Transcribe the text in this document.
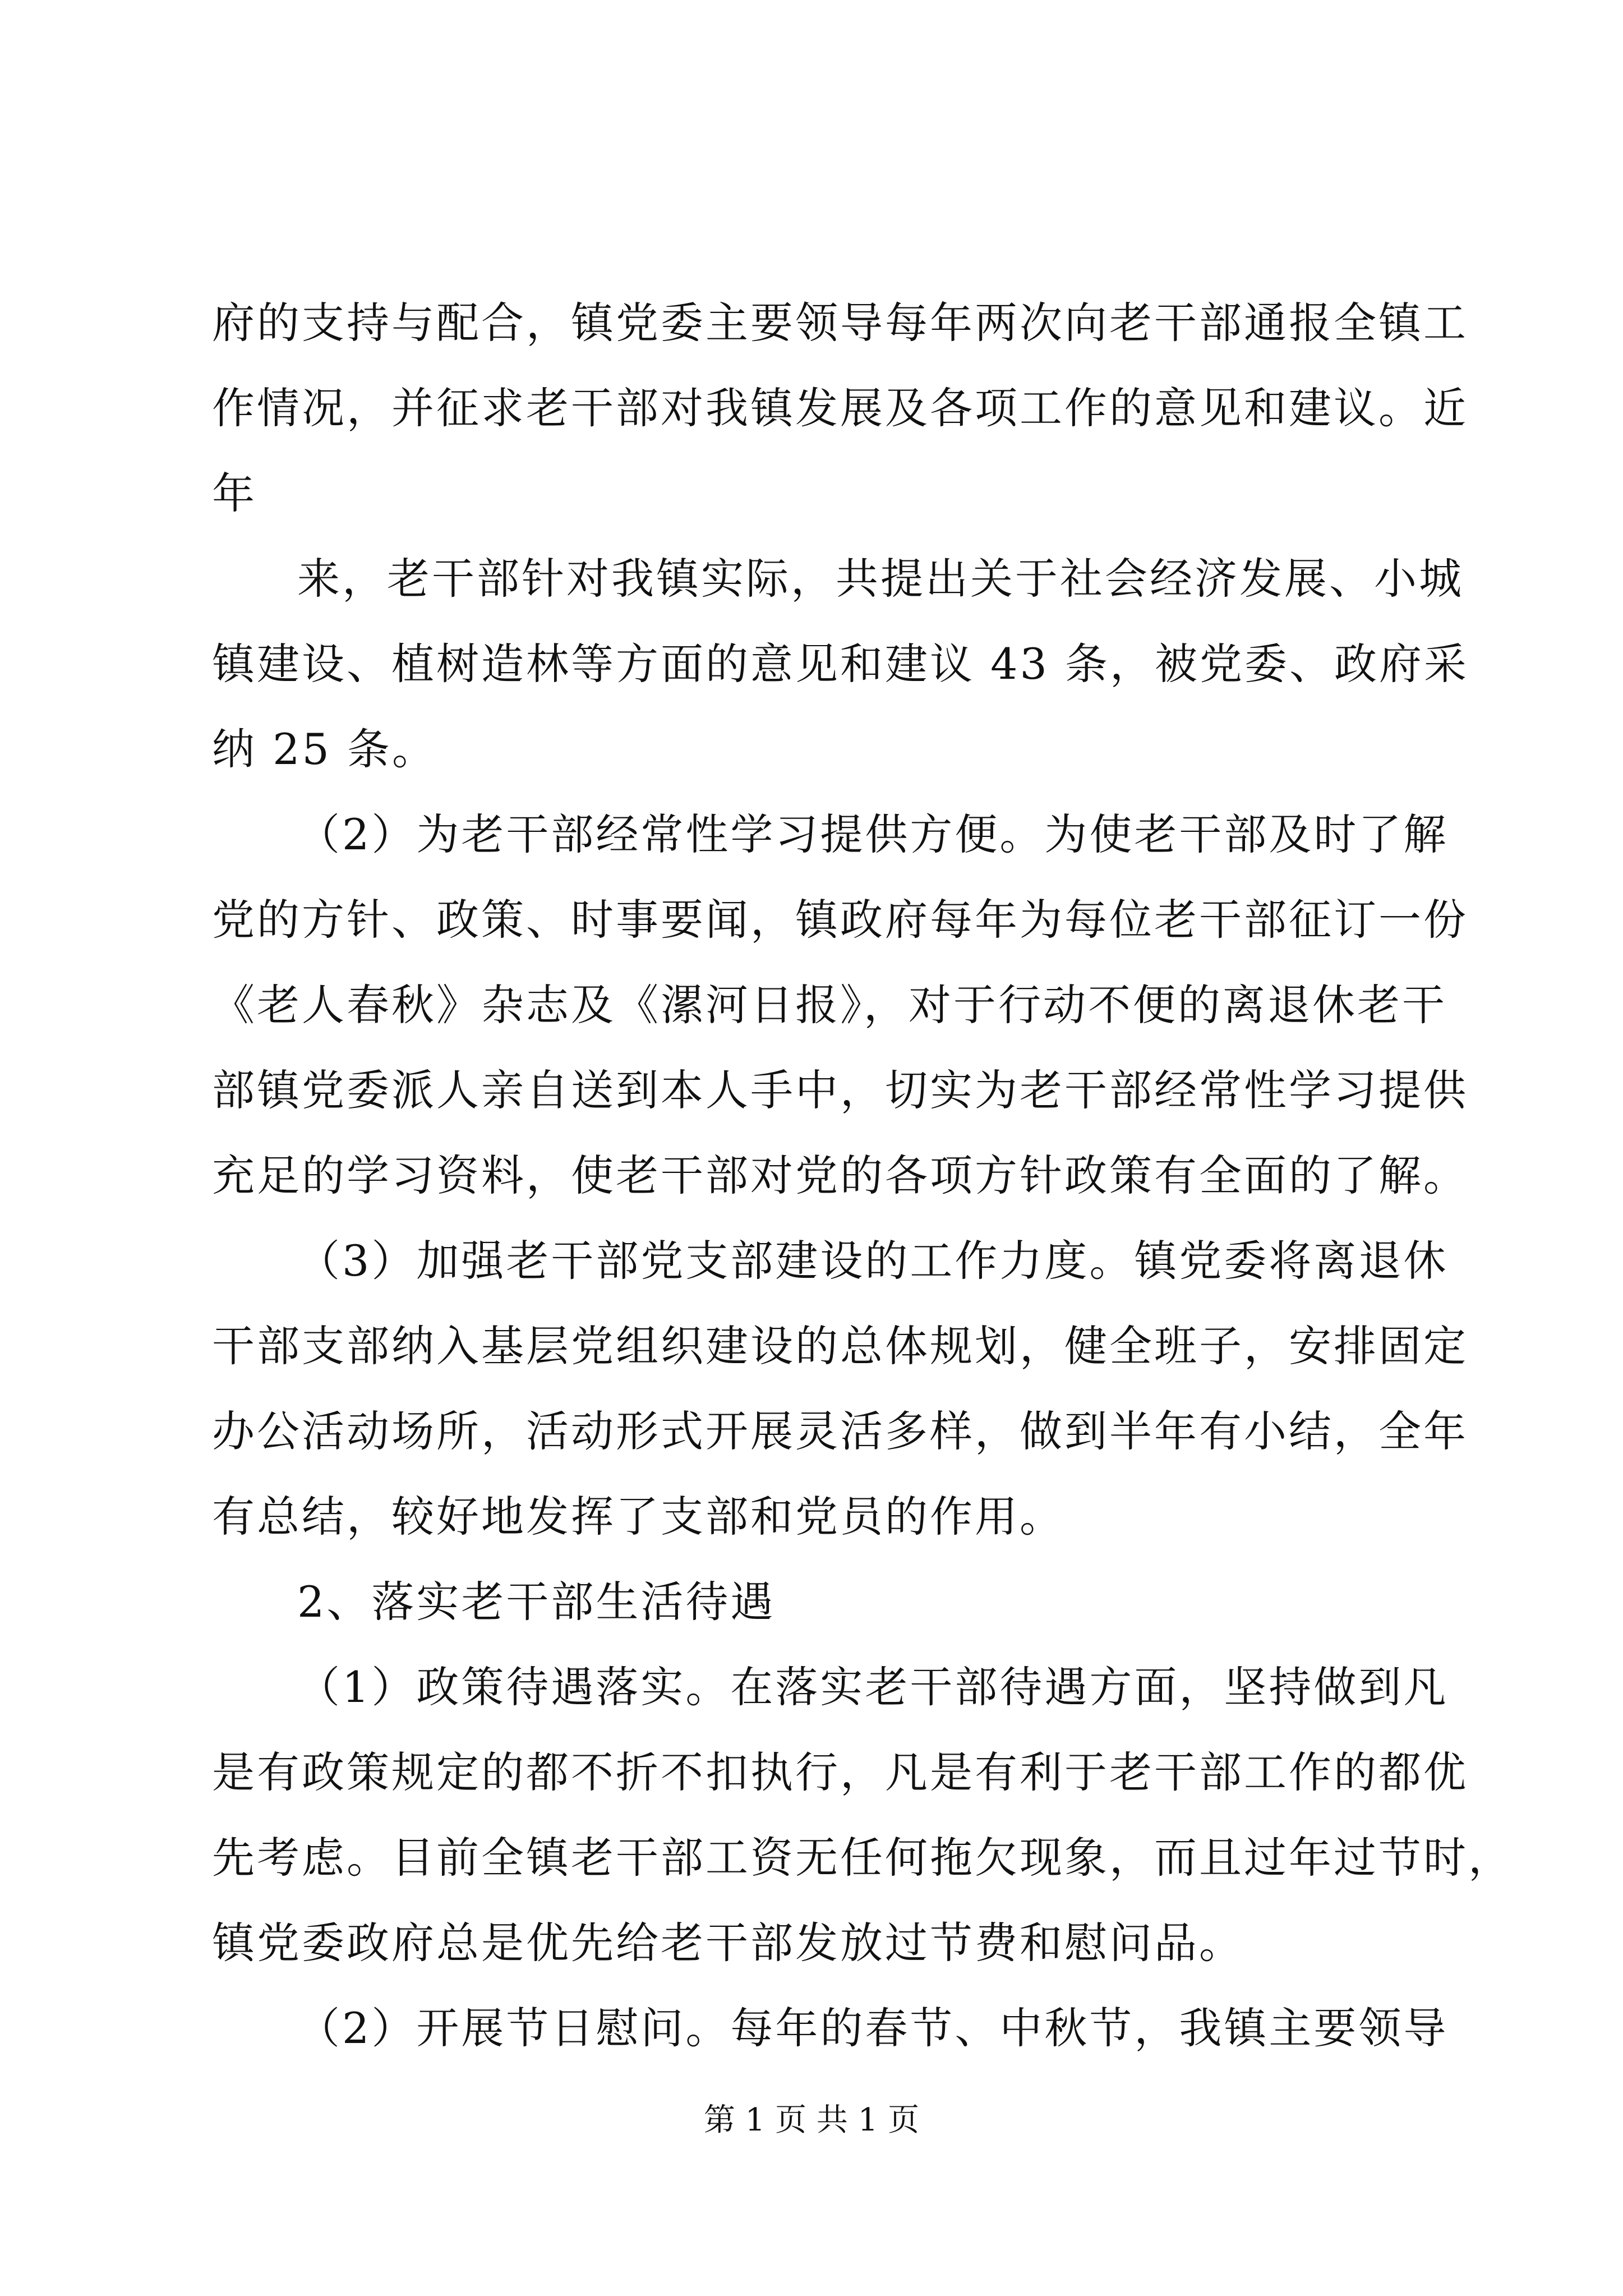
府的支持与配合，镇党委主要领导每年两次向老干部通报全镇工
作情况，并征求老干部对我镇发展及各项工作的意见和建议。近
年
来，老干部针对我镇实际，共提出关于社会经济发展、小城
镇建设、植树造林等方面的意见和建议 43 条，被党委、政府采
纳 25 条。
（2）为老干部经常性学习提供方便。为使老干部及时了解
党的方针、政策、时事要闻，镇政府每年为每位老干部征订一份
《老人春秋》杂志及《漯河日报》，对于行动不便的离退休老干
部镇党委派人亲自送到本人手中，切实为老干部经常性学习提供
充足的学习资料，使老干部对党的各项方针政策有全面的了解。
（3）加强老干部党支部建设的工作力度。镇党委将离退休
干部支部纳入基层党组织建设的总体规划，健全班子，安排固定
办公活动场所，活动形式开展灵活多样，做到半年有小结，全年
有总结，较好地发挥了支部和党员的作用。
2、落实老干部生活待遇
（1）政策待遇落实。在落实老干部待遇方面，坚持做到凡
是有政策规定的都不折不扣执行，凡是有利于老干部工作的都优
先考虑。目前全镇老干部工资无任何拖欠现象，而且过年过节时，
镇党委政府总是优先给老干部发放过节费和慰问品。
（2）开展节日慰问。每年的春节、中秋节，我镇主要领导
第 1 页 共 1 页
